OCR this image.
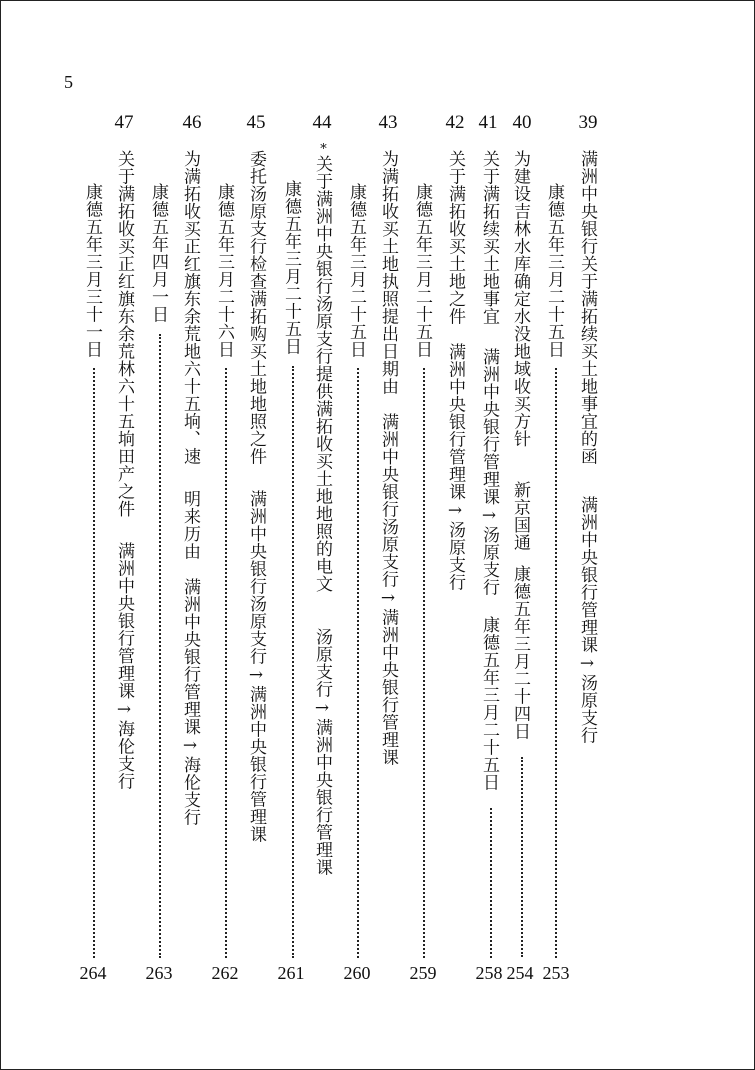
5
39
满洲中央银行关于满拓续买土地事宜的函
满洲中央银行管理课→汤原支行
康德五年三月二十五日
253
40
为建设吉林水库确定水没地域收买方针
新京国通
康德五年三月二十四日
254
41
关于满拓续买土地事宜
满洲中央银行管理课→汤原支行
康德五年三月二十五日
258
42
关于满拓收买土地之件
满洲中央银行管理课→汤原支行
康德五年三月二十五日
259
43
为满拓收买土地执照提出日期由
满洲中央银行汤原支行→满洲中央银行管理课
康德五年三月二十五日
260
44
*
关于满洲中央银行汤原支行提供满拓收买土地地照的电文
汤原支行→满洲中央银行管理课
康德五年三月二十五日
261
45
委托汤原支行检查满拓购买土地地照之件
满洲中央银行汤原支行→满洲中央银行管理课
康德五年三月二十六日
262
46
为满拓收买正红旗东余荒地六十五垧、速
明来历由
满洲中央银行管理课→海伦支行
康德五年四月一日
263
47
关于满拓收买正红旗东余荒林六十五垧田产之件
满洲中央银行管理课→海伦支行
康德五年三月三十一日
264
